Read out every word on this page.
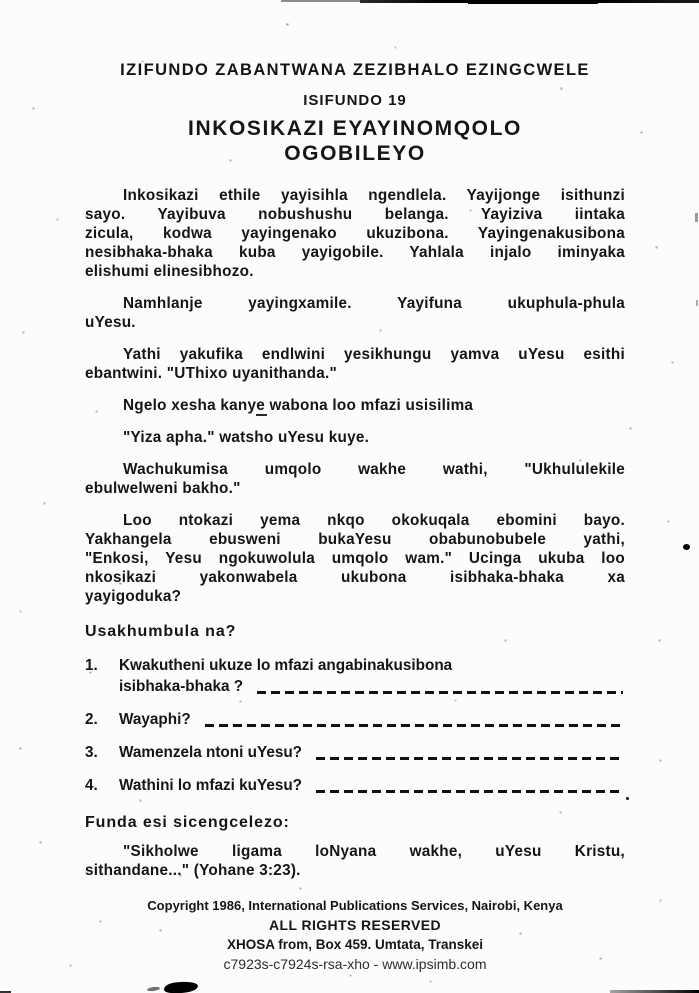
IZIFUNDO ZABANTWANA ZEZIBHALO EZINGCWELE
ISIFUNDO 19
INKOSIKAZI EYAYINOMQOLO
OGOBILEYO
Inkosikazi ethile yayisihla ngendlela. Yayijonge isithunzi
sayo. Yayibuva nobushushu belanga. Yayiziva iintaka
zicula, kodwa yayingenako ukuzibona. Yayingenakusibona
nesibhaka-bhaka kuba yayigobile. Yahlala injalo iminyaka
elishumi elinesibhozo.
Namhlanje yayingxamile. Yayifuna ukuphula-phula
uYesu.
Yathi yakufika endlwini yesikhungu yamva uYesu esithi
ebantwini. "UThixo uyanithanda."
Ngelo xesha kanye wabona loo mfazi usisilima
"Yiza apha." watsho uYesu kuye.
Wachukumisa umqolo wakhe wathi, "Ukhululekile
ebulwelweni bakho."
Loo ntokazi yema nkqo okokuqala ebomini bayo.
Yakhangela ebusweni bukaYesu obabunobubele yathi,
"Enkosi, Yesu ngokuwolula umqolo wam." Ucinga ukuba loo
nkosikazi yakonwabela ukubona isibhaka-bhaka xa
yayigoduka?
Usakhumbula na?
1.	Kwakutheni ukuze lo mfazi angabinakusibona
isibhaka-bhaka ?
2.	Wayaphi?
3.	Wamenzela ntoni uYesu?
4.	Wathini lo mfazi kuYesu?
Funda esi sicengcelezo:
"Sikholwe ligama loNyana wakhe, uYesu Kristu,
sithandane..." (Yohane 3:23).
Copyright 1986, International Publications Services, Nairobi, Kenya
ALL RIGHTS RESERVED
XHOSA from, Box 459. Umtata, Transkei
c7923s-c7924s-rsa-xho - www.ipsimb.com
